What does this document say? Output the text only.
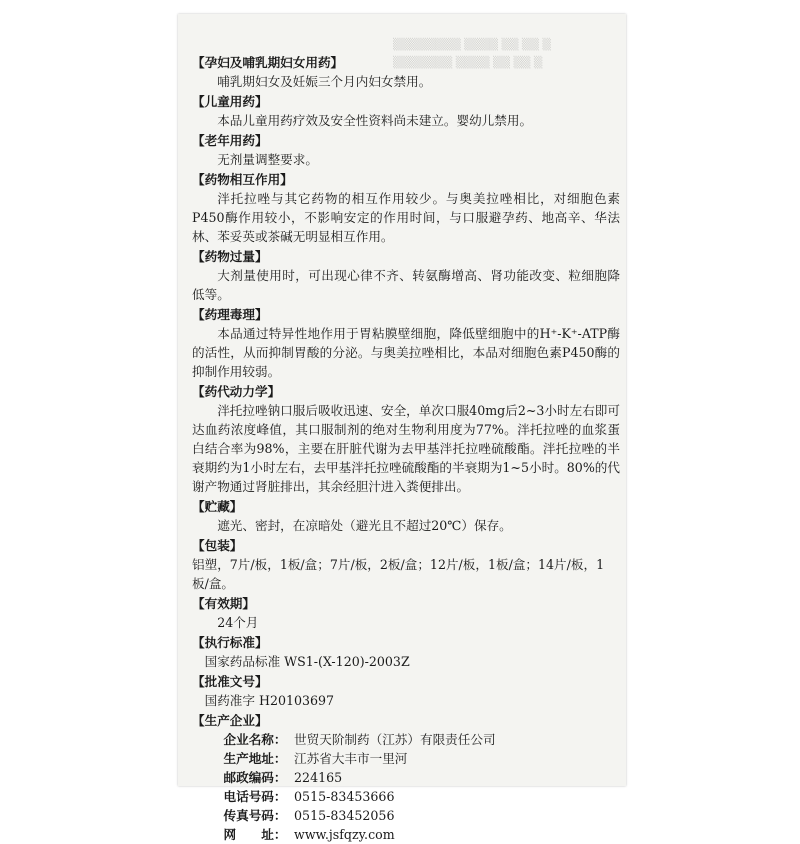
▒▒▒▒▒▒▒▒ ▒▒▒▒ ▒▒ ▒▒ ▒
▒▒▒▒▒▒▒ ▒▒▒▒ ▒▒ ▒▒ ▒
【孕妇及哺乳期妇女用药】
哺乳期妇女及妊娠三个月内妇女禁用。
【儿童用药】
本品儿童用药疗效及安全性资料尚未建立。婴幼儿禁用。
【老年用药】
无剂量调整要求。
【药物相互作用】
泮托拉唑与其它药物的相互作用较少。与奥美拉唑相比，对细胞色素P450酶作用较小，不影响安定的作用时间，与口服避孕药、地高辛、华法林、苯妥英或茶碱无明显相互作用。
【药物过量】
大剂量使用时，可出现心律不齐、转氨酶增高、肾功能改变、粒细胞降低等。
【药理毒理】
本品通过特异性地作用于胃粘膜壁细胞，降低壁细胞中的H⁺-K⁺-ATP酶的活性，从而抑制胃酸的分泌。与奥美拉唑相比，本品对细胞色素P450酶的抑制作用较弱。
【药代动力学】
泮托拉唑钠口服后吸收迅速、安全，单次口服40mg后2~3小时左右即可达血药浓度峰值，其口服制剂的绝对生物利用度为77%。泮托拉唑的血浆蛋白结合率为98%，主要在肝脏代谢为去甲基泮托拉唑硫酸酯。泮托拉唑的半衰期约为1小时左右，去甲基泮托拉唑硫酸酯的半衰期为1~5小时。80%的代谢产物通过肾脏排出，其余经胆汁进入粪便排出。
【贮藏】
遮光、密封，在凉暗处（避光且不超过20℃）保存。
【包装】
铝塑，7片/板，1板/盒；7片/板，2板/盒；12片/板，1板/盒；14片/板，1板/盒。
【有效期】
24个月
【执行标准】
国家药品标准 WS1-(X-120)-2003Z
【批准文号】
国药准字 H20103697
【生产企业】
企业名称： 世贸天阶制药（江苏）有限责任公司
生产地址： 江苏省大丰市一里河
邮政编码： 224165
电话号码： 0515-83453666
传真号码： 0515-83452056
网　　址： www.jsfqzy.com
